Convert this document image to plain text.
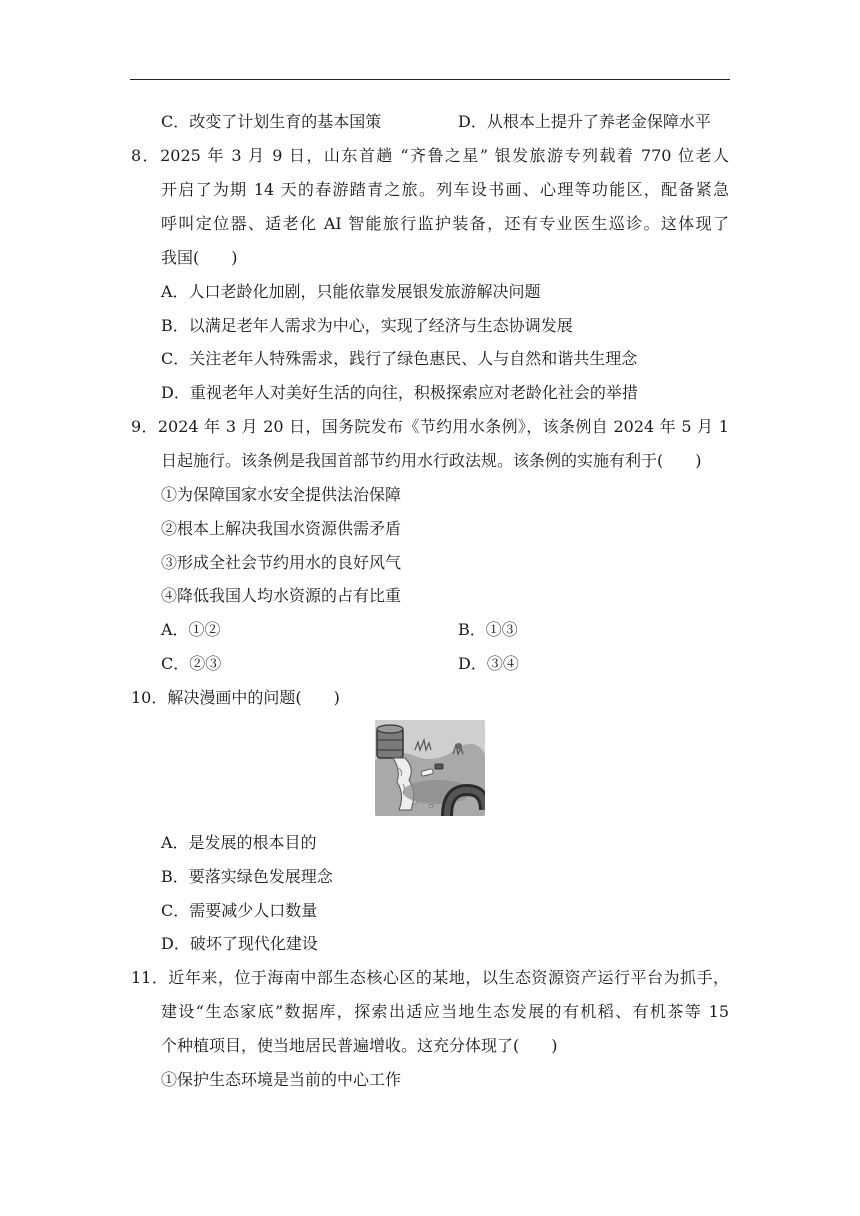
C．改变了计划生育的基本国策	D．从根本上提升了养老金保障水平
8．2025 年 3 月 9 日，山东首趟 “齐鲁之星” 银发旅游专列载着 770 位老人
开启了为期 14 天的春游踏青之旅。列车设书画、心理等功能区，配备紧急
呼叫定位器、适老化 AI 智能旅行监护装备，还有专业医生巡诊。这体现了
我国(　　)
A．人口老龄化加剧，只能依靠发展银发旅游解决问题
B．以满足老年人需求为中心，实现了经济与生态协调发展
C．关注老年人特殊需求，践行了绿色惠民、人与自然和谐共生理念
D．重视老年人对美好生活的向往，积极探索应对老龄化社会的举措
9．2024 年 3 月 20 日，国务院发布《节约用水条例》，该条例自 2024 年 5 月 1
日起施行。该条例是我国首部节约用水行政法规。该条例的实施有利于(　　)
①为保障国家水安全提供法治保障
②根本上解决我国水资源供需矛盾
③形成全社会节约用水的良好风气
④降低我国人均水资源的占有比重
A．①②	B．①③
C．②③	D．③④
10．解决漫画中的问题(　　)
A．是发展的根本目的
B．要落实绿色发展理念
C．需要减少人口数量
D．破坏了现代化建设
11．近年来，位于海南中部生态核心区的某地，以生态资源资产运行平台为抓手，
建设“生态家底”数据库，探索出适应当地生态发展的有机稻、有机茶等 15
个种植项目，使当地居民普遍增收。这充分体现了(　　)
①保护生态环境是当前的中心工作
